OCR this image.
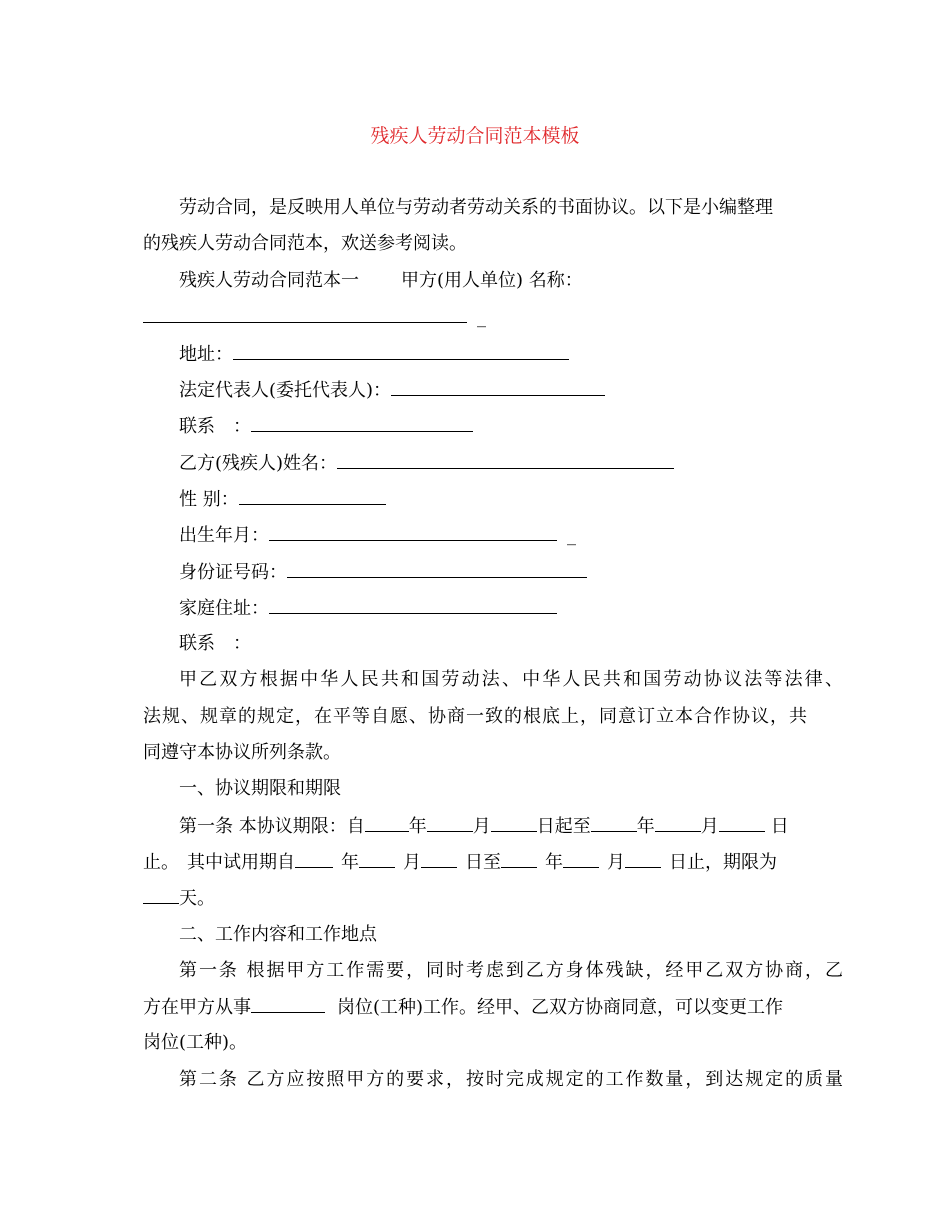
残疾人劳动合同范本模板
劳动合同，是反映用人单位与劳动者劳动关系的书面协议。以下是小编整理
的残疾人劳动合同范本，欢送参考阅读。
残疾人劳动合同范本一 甲方(用人单位) 名称：
_
地址：
法定代表人(委托代表人)：
联系　：
乙方(残疾人)姓名：
性 别：
出生年月：	_
身份证号码：
家庭住址：
联系　：
甲乙双方根据中华人民共和国劳动法、中华人民共和国劳动协议法等法律、
法规、规章的规定，在平等自愿、协商一致的根底上，同意订立本合作协议，共
同遵守本协议所列条款。
一、协议期限和期限
第一条 本协议期限：自 年	月	日起至	年	月	日
止。 其中试用期自	年 月 日至 年 月 日止，期限为
天。
二、工作内容和工作地点
第一条 根据甲方工作需要，同时考虑到乙方身体残缺，经甲乙双方协商，乙
方在甲方从事	岗位(工种)工作。经甲、乙双方协商同意，可以变更工作
岗位(工种)。
第二条 乙方应按照甲方的要求，按时完成规定的工作数量，到达规定的质量
